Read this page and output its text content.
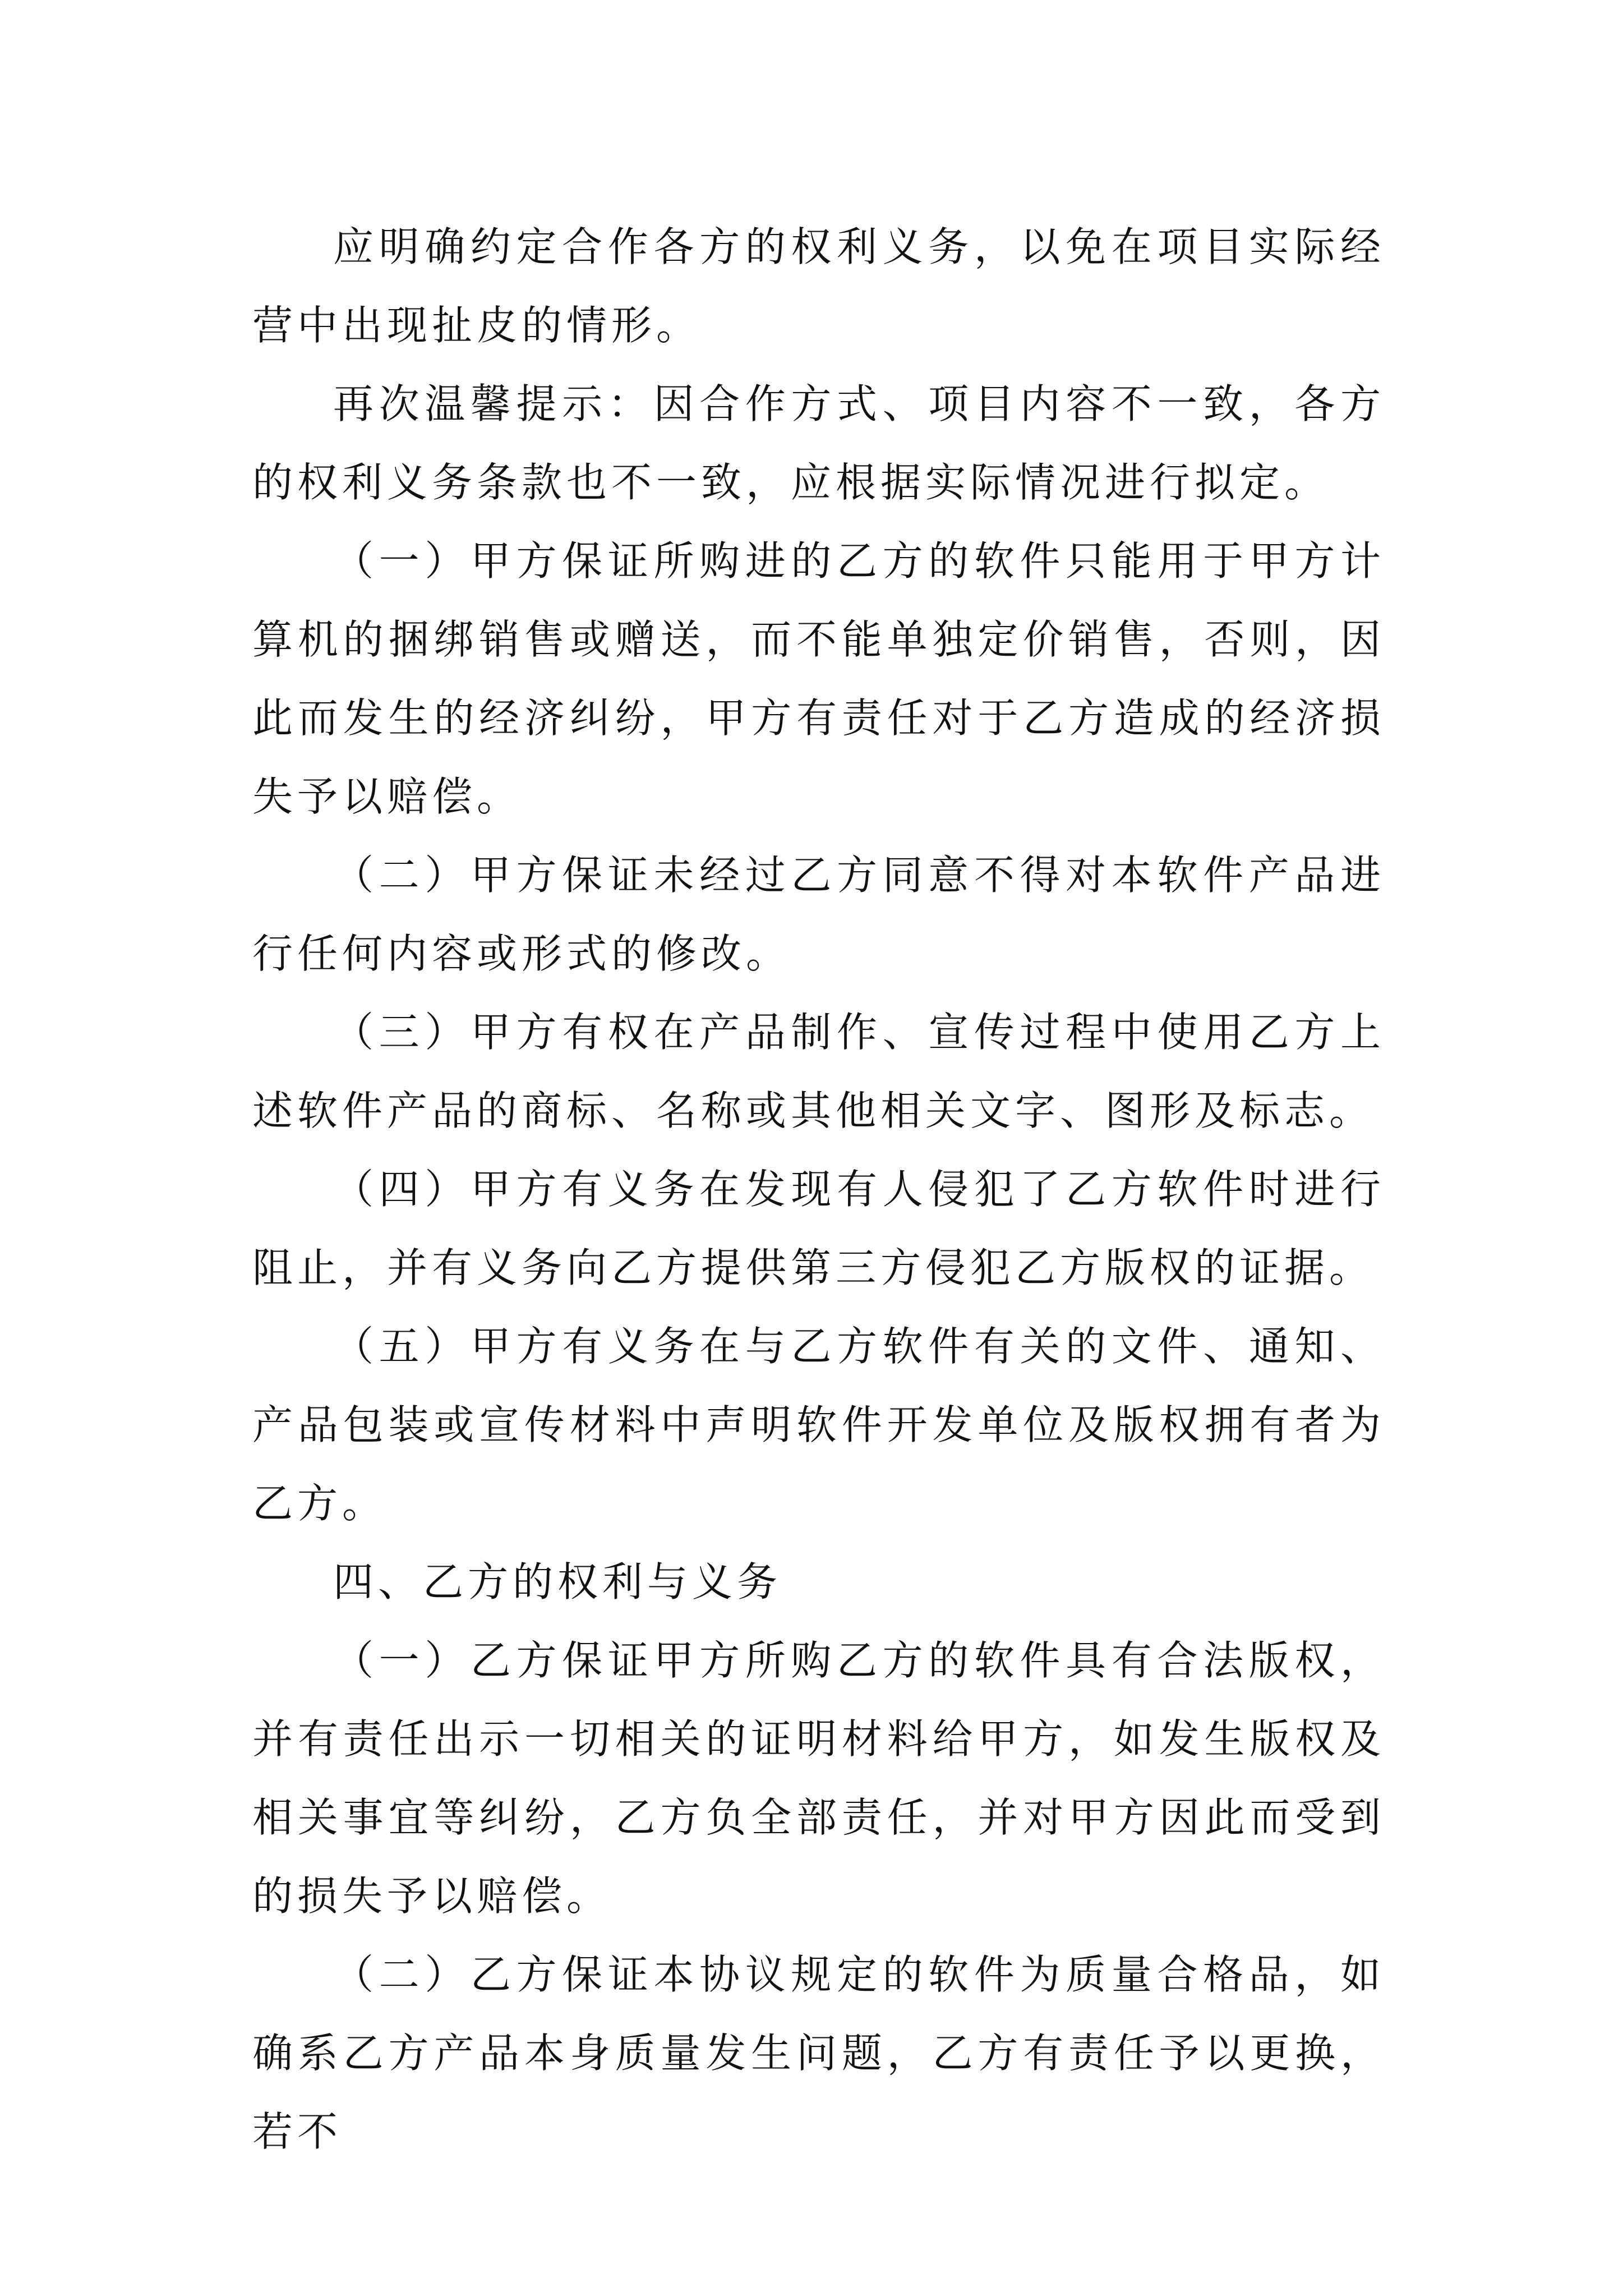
应明确约定合作各方的权利义务，以免在项目实际经营中出现扯皮的情形。

再次温馨提示：因合作方式、项目内容不一致，各方的权利义务条款也不一致，应根据实际情况进行拟定。

（一）甲方保证所购进的乙方的软件只能用于甲方计算机的捆绑销售或赠送，而不能单独定价销售，否则，因此而发生的经济纠纷，甲方有责任对于乙方造成的经济损失予以赔偿。

（二）甲方保证未经过乙方同意不得对本软件产品进行任何内容或形式的修改。

（三）甲方有权在产品制作、宣传过程中使用乙方上述软件产品的商标、名称或其他相关文字、图形及标志。

（四）甲方有义务在发现有人侵犯了乙方软件时进行阻止，并有义务向乙方提供第三方侵犯乙方版权的证据。

（五）甲方有义务在与乙方软件有关的文件、通知、产品包装或宣传材料中声明软件开发单位及版权拥有者为乙方。

四、乙方的权利与义务

（一）乙方保证甲方所购乙方的软件具有合法版权，并有责任出示一切相关的证明材料给甲方，如发生版权及相关事宜等纠纷，乙方负全部责任，并对甲方因此而受到的损失予以赔偿。

（二）乙方保证本协议规定的软件为质量合格品，如确系乙方产品本身质量发生问题，乙方有责任予以更换，若不
